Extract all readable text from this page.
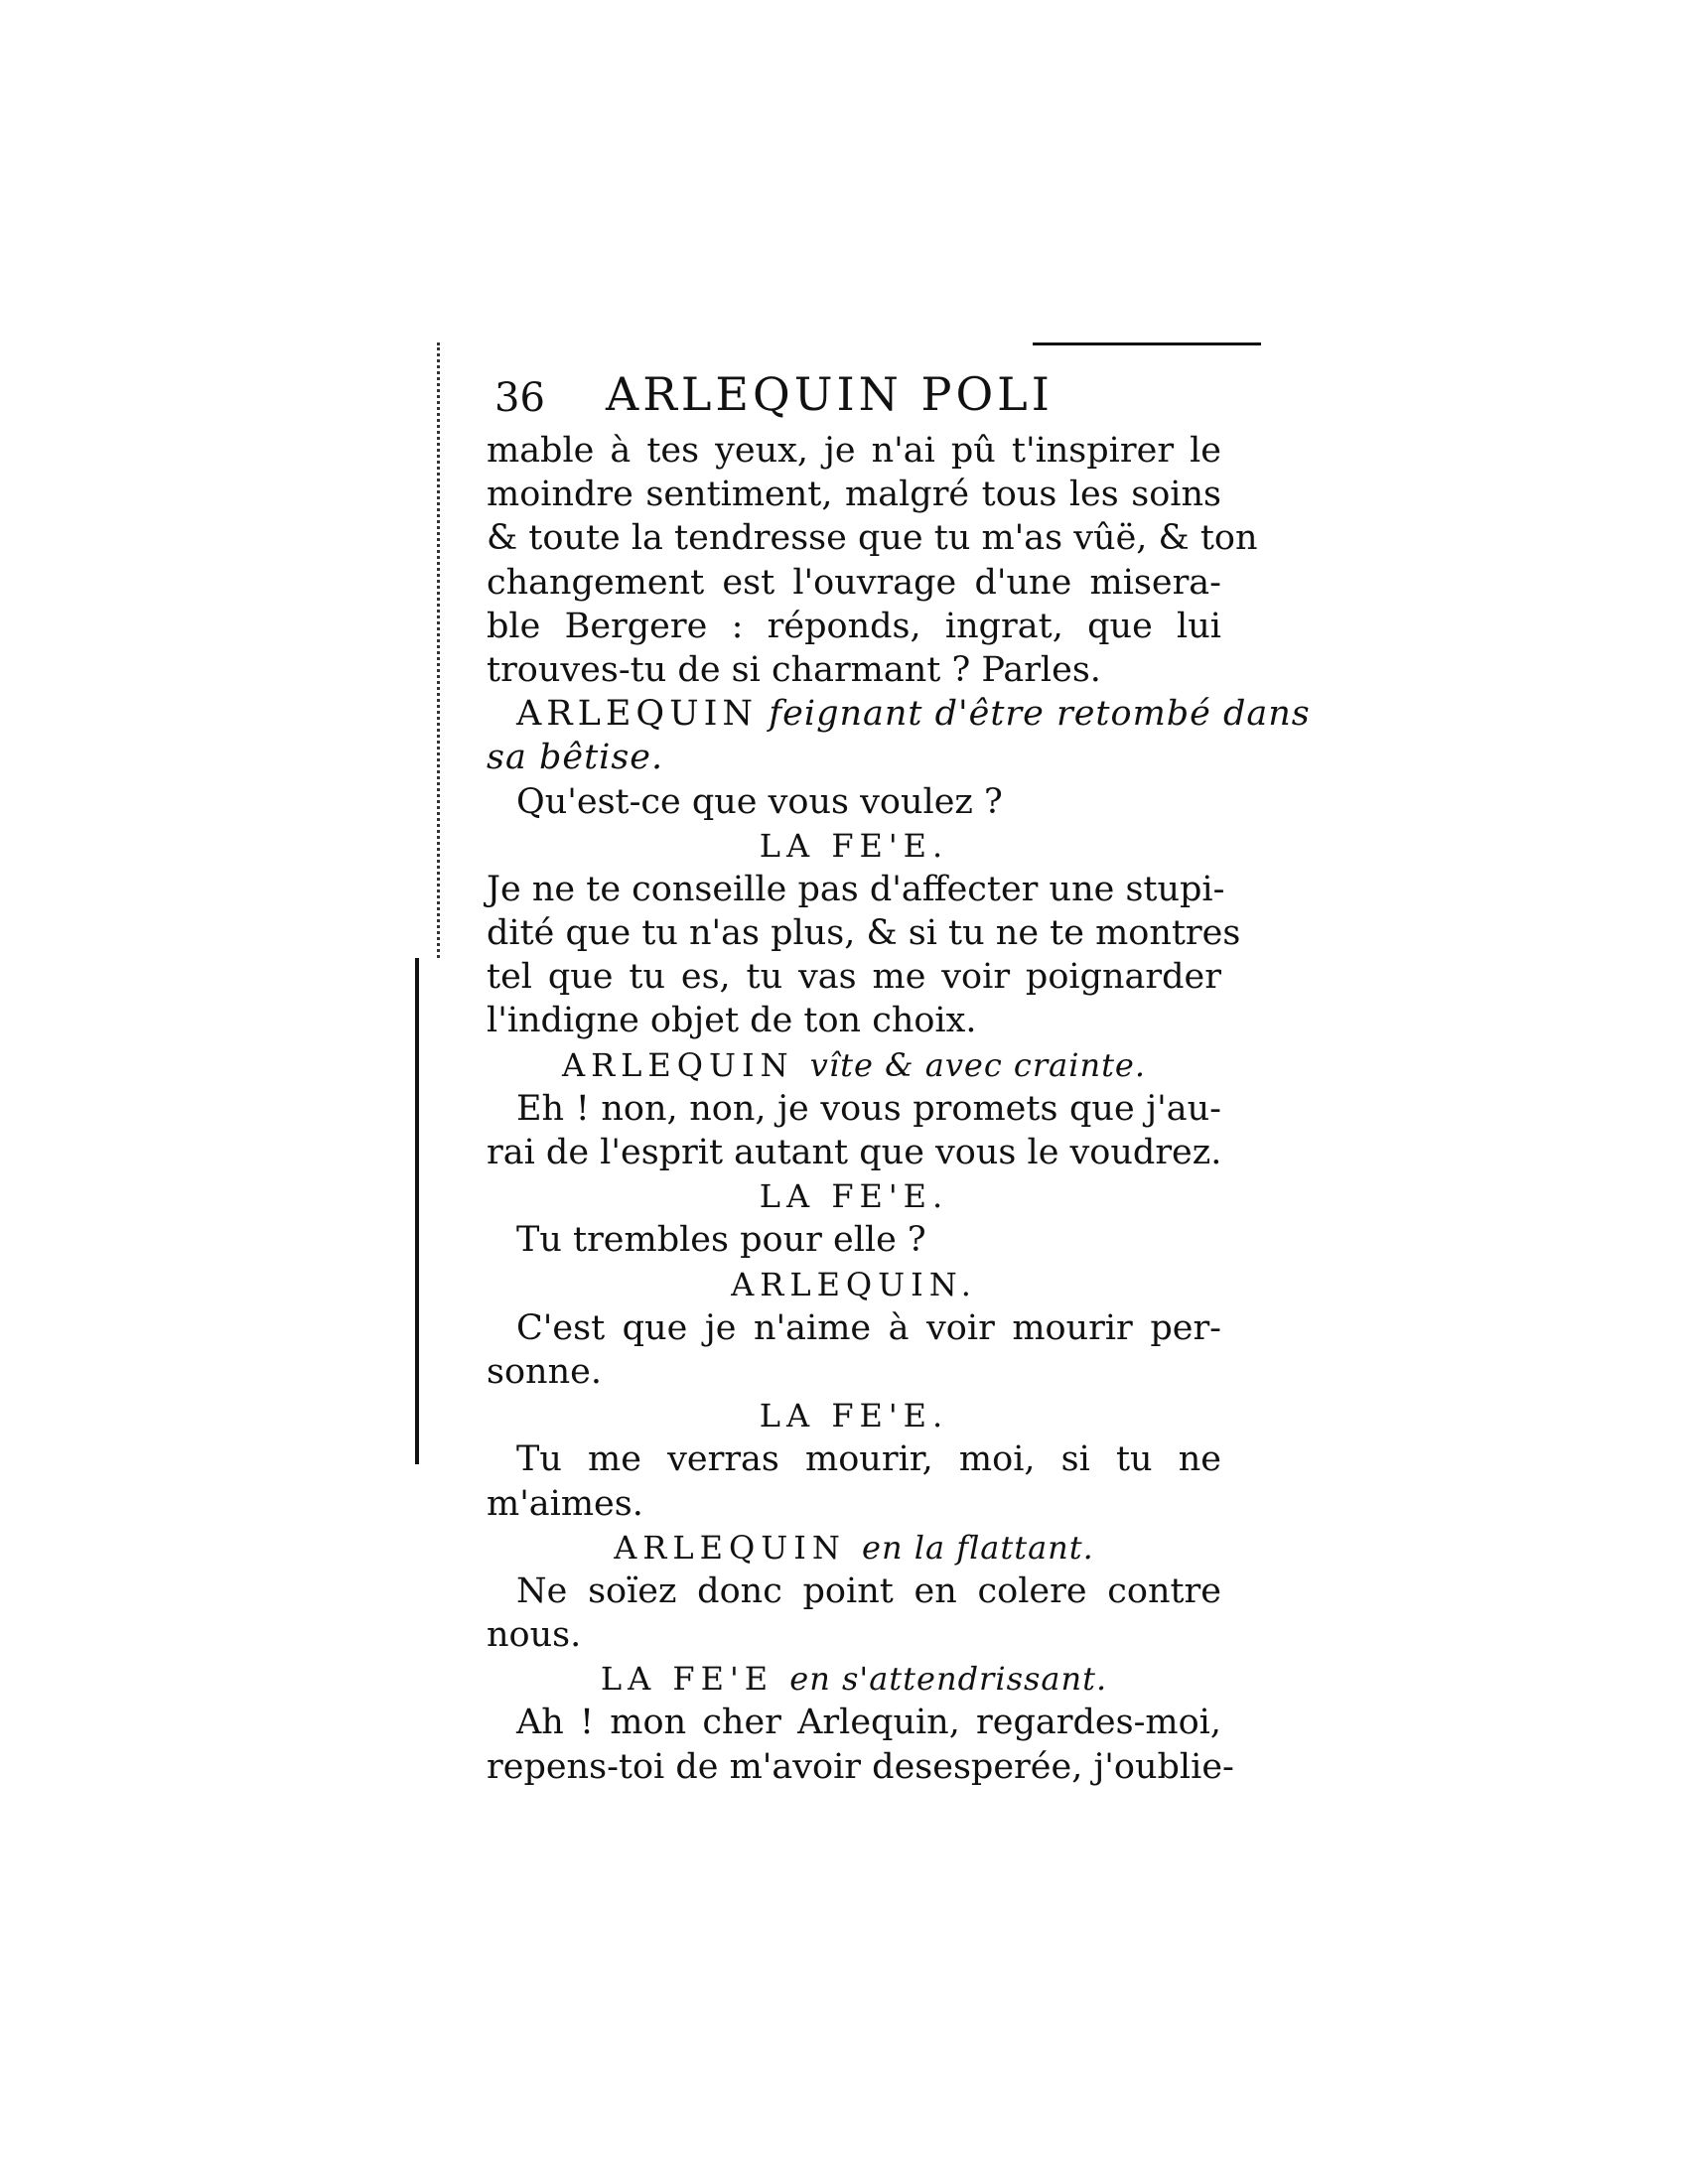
36 ARLEQUIN POLI
mable à tes yeux, je n'ai pû t'inspirer le
moindre sentiment, malgré tous les soins
& toute la tendresse que tu m'as vûë, & ton
changement est l'ouvrage d'une misera-
ble Bergere : réponds, ingrat, que lui
trouves-tu de si charmant ? Parles.
ARLEQUIN feignant d'être retombé dans
sa bêtise.
Qu'est-ce que vous voulez ?
LA FE'E.
Je ne te conseille pas d'affecter une stupi-
dité que tu n'as plus, & si tu ne te montres
tel que tu es, tu vas me voir poignarder
l'indigne objet de ton choix.
ARLEQUIN vîte & avec crainte.
Eh ! non, non, je vous promets que j'au-
rai de l'esprit autant que vous le voudrez.
LA FE'E.
Tu trembles pour elle ?
ARLEQUIN.
C'est que je n'aime à voir mourir per-
sonne.
LA FE'E.
Tu me verras mourir, moi, si tu ne
m'aimes.
ARLEQUIN en la flattant.
Ne soïez donc point en colere contre
nous.
LA FE'E en s'attendrissant.
Ah ! mon cher Arlequin, regardes-moi,
repens-toi de m'avoir desesperée, j'oublie-
